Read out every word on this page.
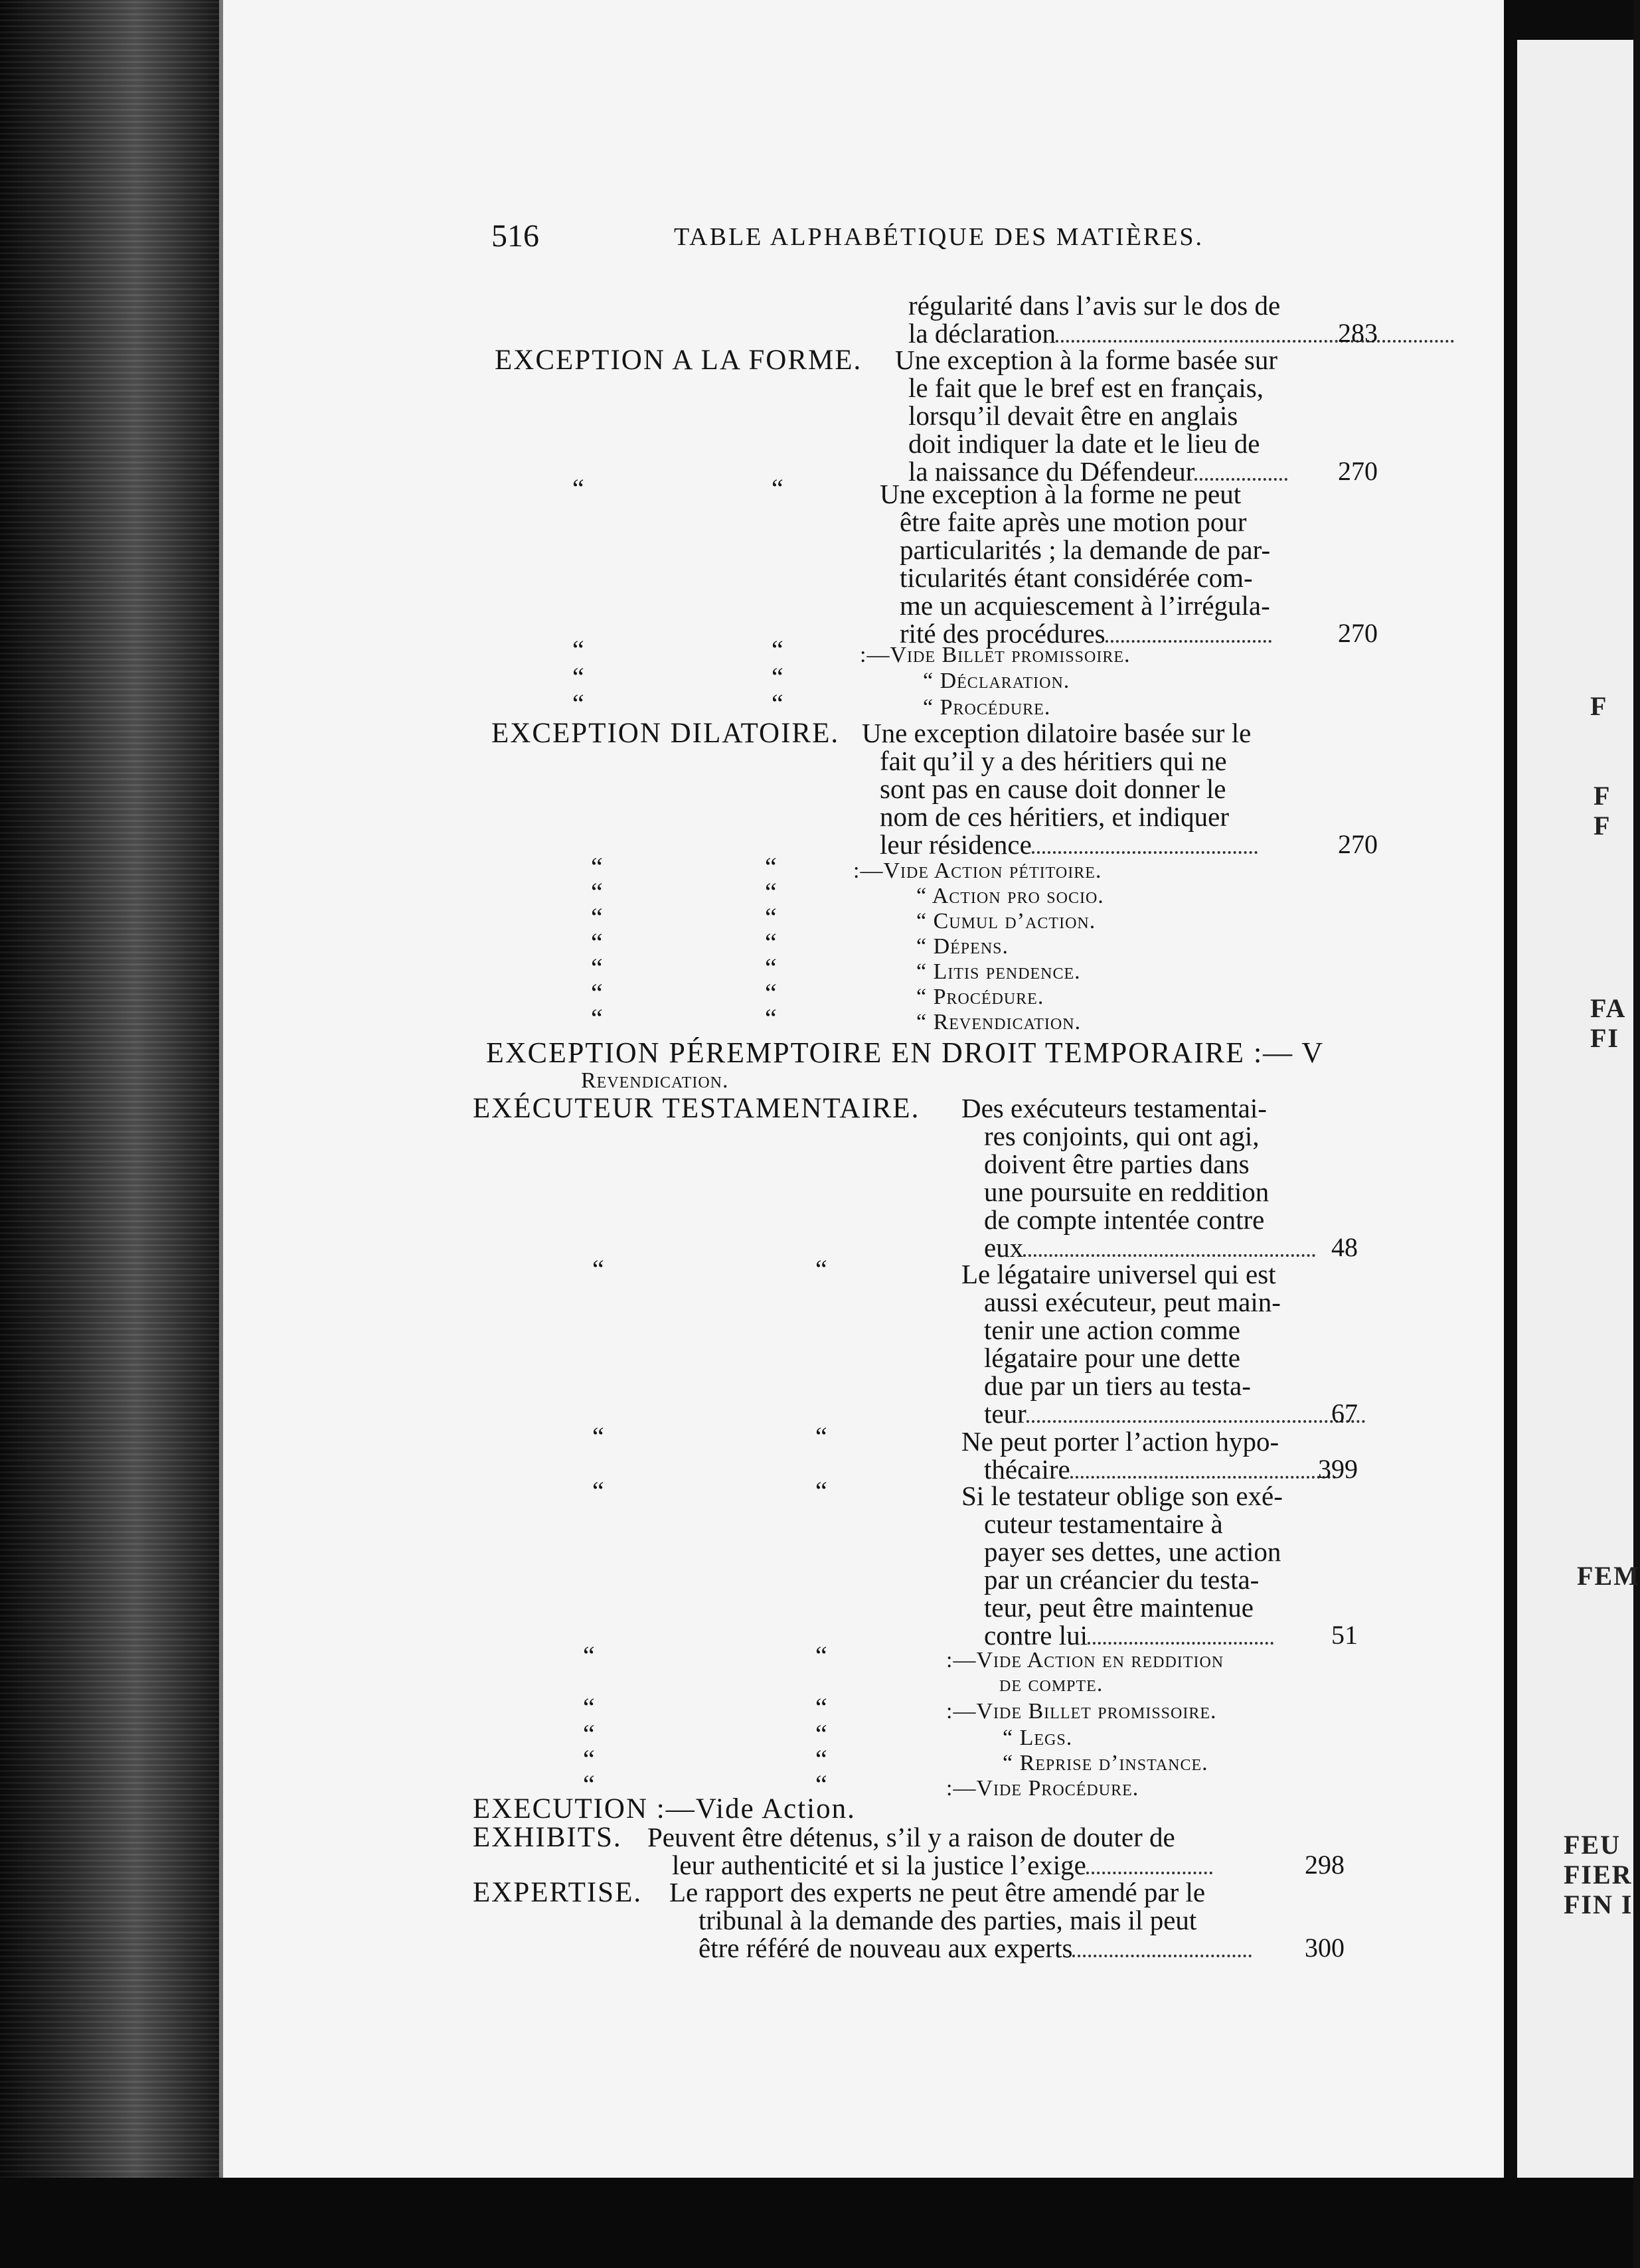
F
F
F
FA
FI
FEM
FEU
FIER
FIN I
516	TABLE ALPHABÉTIQUE DES MATIÈRES.
régularité dans l’avis sur le dos de
la déclaration	283
EXCEPTION A LA FORME. Une exception à la forme basée sur
le fait que le bref est en français,
lorsqu’il devait être en anglais
doit indiquer la date et le lieu de
la naissance du Défendeur	270
“	“	Une exception à la forme ne peut
être faite après une motion pour
particularités ; la demande de par-
ticularités étant considérée com-
me un acquiescement à l’irrégula-
rité des procédures	270
“	“	:—Vide Billet promissoire.
“	“	“ Déclaration.
“	“	“ Procédure.
EXCEPTION DILATOIRE. Une exception dilatoire basée sur le
fait qu’il y a des héritiers qui ne
sont pas en cause doit donner le
nom de ces héritiers, et indiquer
leur résidence	270
“	“	:—Vide Action pétitoire.
“	“	“ Action pro socio.
“	“	“ Cumul d’action.
“	“	“ Dépens.
“	“	“ Litis pendence.
“	“	“ Procédure.
“	“	“ Revendication.
EXCEPTION PÉREMPTOIRE EN DROIT TEMPORAIRE :— V
Revendication.
EXÉCUTEUR TESTAMENTAIRE. Des exécuteurs testamentai-
res conjoints, qui ont agi,
doivent être parties dans
une poursuite en reddition
de compte intentée contre
eux	48
“	“	Le légataire universel qui est
aussi exécuteur, peut main-
tenir une action comme
légataire pour une dette
due par un tiers au testa-
teur	67
“	“	Ne peut porter l’action hypo-
thécaire	399
“	“	Si le testateur oblige son exé-
cuteur testamentaire à
payer ses dettes, une action
par un créancier du testa-
teur, peut être maintenue
contre lui	51
“	“	:—Vide Action en reddition
de compte.
“	“	:—Vide Billet promissoire.
“	“	“ Legs.
“	“	“ Reprise d’instance.
“	“	:—Vide Procédure.
EXECUTION :—Vide Action.
EXHIBITS. Peuvent être détenus, s’il y a raison de douter de
leur authenticité et si la justice l’exige	298
EXPERTISE. Le rapport des experts ne peut être amendé par le
tribunal à la demande des parties, mais il peut
être référé de nouveau aux experts	300
